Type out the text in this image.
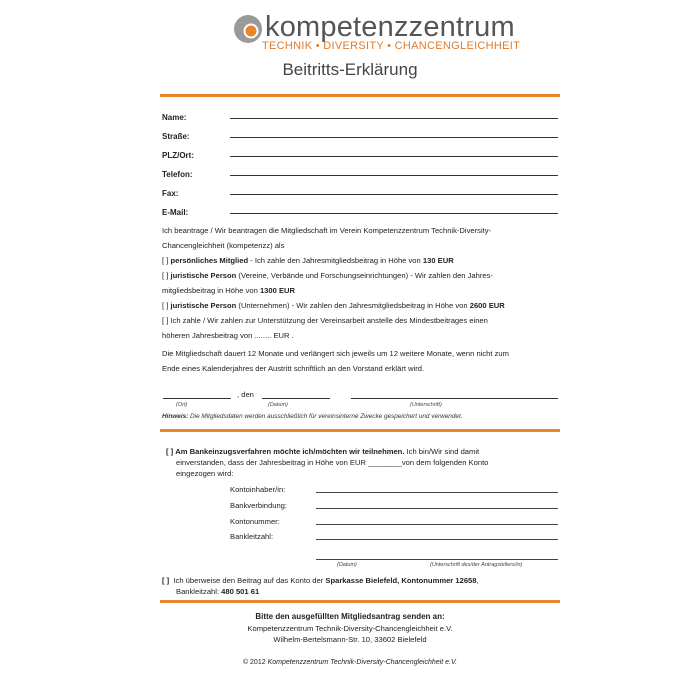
kompetenzzentrum
TECHNIK • DIVERSITY • CHANCENGLEICHHEIT
Beitritts-Erklärung
Name:
Straße:
PLZ/Ort:
Telefon:
Fax:
E-Mail:
Ich beantrage / Wir beantragen die Mitgliedschaft im Verein Kompetenzzentrum Technik-Diversity-
Chancengleichheit (kompetenzz) als
[ ] persönliches Mitglied - Ich zahle den Jahresmitgliedsbeitrag in Höhe von 130 EUR
[ ] juristische Person (Vereine, Verbände und Forschungseinrichtungen) - Wir zahlen den Jahres-
mitgliedsbeitrag in Höhe von 1300 EUR
[ ] juristische Person (Unternehmen) - Wir zahlen den Jahresmitgliedsbeitrag in Höhe von 2600 EUR
[ ] Ich zahle / Wir zahlen zur Unterstützung der Vereinsarbeit anstelle des Mindestbeitrages einen
höheren Jahresbeitrag von ........ EUR .
Die Mitgliedschaft dauert 12 Monate und verlängert sich jeweils um 12 weitere Monate, wenn nicht zum
Ende eines Kalenderjahres der Austritt schriftlich an den Vorstand erklärt wird.
, den
(Ort)	(Datum)	(Unterschrift)
Hinweis: Die Mitgliedsdaten werden ausschließlich für vereinsinterne Zwecke gespeichert und verwendet.
[ ] Am Bankeinzugsverfahren möchte ich/möchten wir teilnehmen. Ich bin/Wir sind damit
einverstanden, dass der Jahresbeitrag in Höhe von EUR ________von dem folgenden Konto
eingezogen wird:
Kontoinhaber/in:
Bankverbindung:
Kontonummer:
Bankleitzahl:
(Datum)	(Unterschrift des/der Antragstellers/in)
[ ] Ich überweise den Beitrag auf das Konto der Sparkasse Bielefeld, Kontonummer 12658,
Bankleitzahl: 480 501 61
Bitte den ausgefüllten Mitgliedsantrag senden an:
Kompetenzzentrum Technik-Diversity-Chancengleichheit e.V.
Wilhelm-Bertelsmann-Str. 10, 33602 Bielefeld
© 2012 Kompetenzzentrum Technik-Diversity-Chancengleichheit e.V.
